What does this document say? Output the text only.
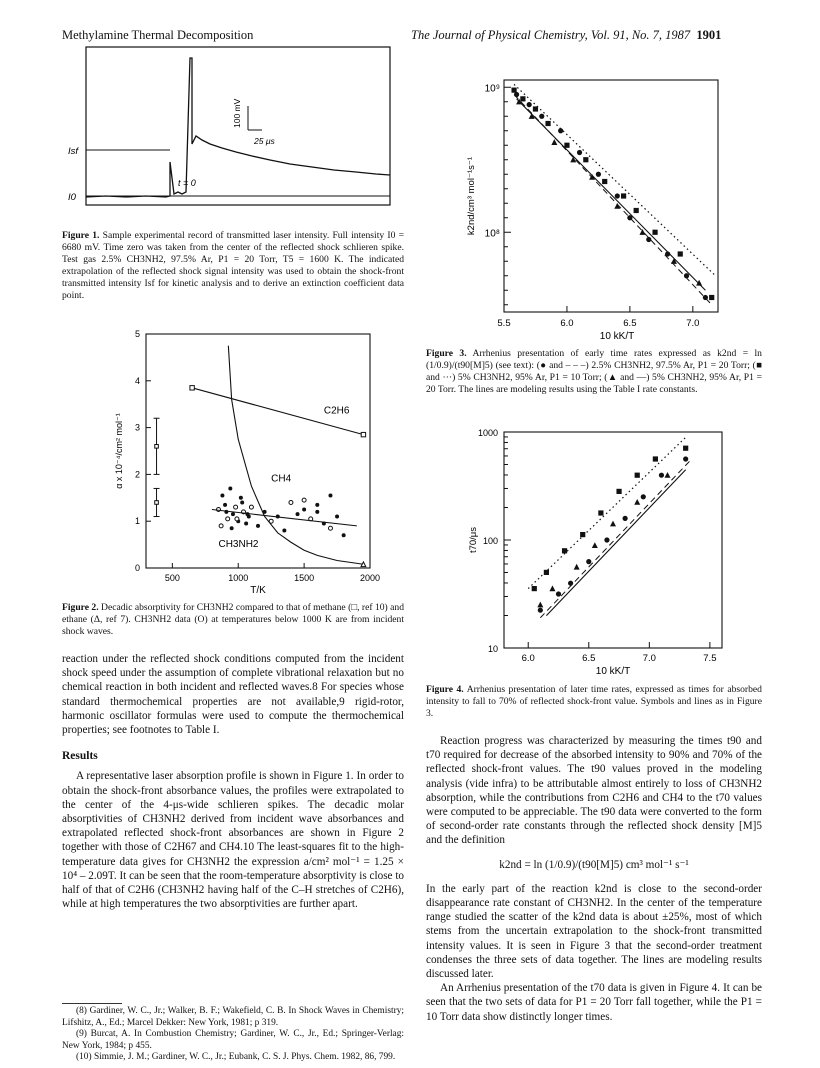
Methylamine Thermal Decomposition	The Journal of Physical Chemistry, Vol. 91, No. 7, 1987 1901
100 mV
25 μs
Isf
I0
t = 0
Figure 1. Sample experimental record of transmitted laser intensity. Full intensity I0 = 6680 mV. Time zero was taken from the center of the reflected shock schlieren spike. Test gas 2.5% CH3NH2, 97.5% Ar, P1 = 20 Torr, T5 = 1600 K. The indicated extrapolation of the reflected shock signal intensity was used to obtain the shock-front transmitted intensity Isf for kinetic analysis and to derive an extinction coefficient data point.
0
1
2
3
4
5
500	1000	1500	2000
T/K
α x 10⁻⁴/cm² mol⁻¹
C2H6
CH4
CH3NH2
Figure 2. Decadic absorptivity for CH3NH2 compared to that of methane (□, ref 10) and ethane (Δ, ref 7). CH3NH2 data (O) at temperatures below 1000 K are from incident shock waves.

reaction under the reflected shock conditions computed from the incident shock speed under the assumption of complete vibrational relaxation but no chemical reaction in both incident and reflected waves.8 For species whose standard thermochemical properties are not available,9 rigid-rotor, harmonic oscillator formulas were used to compute the thermochemical properties; see footnotes to Table I.

Results

A representative laser absorption profile is shown in Figure 1. In order to obtain the shock-front absorbance values, the profiles were extrapolated to the center of the 4-μs-wide schlieren spikes. The decadic molar absorptivities of CH3NH2 derived from incident wave absorbances and extrapolated reflected shock-front absorbances are shown in Figure 2 together with those of C2H67 and CH4.10 The least-squares fit to the high-temperature data gives for CH3NH2 the expression a/cm² mol⁻¹ = 1.25 × 10⁴ – 2.09T. It can be seen that the room-temperature absorptivity is close to half of that of C2H6 (CH3NH2 having half of the C–H stretches of C2H6), while at high temperatures the two absorptivities are further apart.

(8) Gardiner, W. C., Jr.; Walker, B. F.; Wakefield, C. B. In Shock Waves in Chemistry; Lifshitz, A., Ed.; Marcel Dekker: New York, 1981; p 319.

(9) Burcat, A. In Combustion Chemistry; Gardiner, W. C., Jr., Ed.; Springer-Verlag: New York, 1984; p 455.

(10) Simmie, J. M.; Gardiner, W. C., Jr.; Eubank, C. S. J. Phys. Chem. 1982, 86, 799.

10⁹
10⁸
5.5	6.0	6.5	7.0
10 kK/T
k2nd/cm³ mol⁻¹s⁻¹
Figure 3. Arrhenius presentation of early time rates expressed as k2nd = ln (1/0.9)/(t90[M]5) (see text): (● and – – –) 2.5% CH3NH2, 97.5% Ar, P1 = 20 Torr; (■ and ···) 5% CH3NH2, 95% Ar, P1 = 10 Torr; (▲ and —) 5% CH3NH2, 95% Ar, P1 = 20 Torr. The lines are modeling results using the Table I rate constants.
10
100
1000
6.0	6.5	7.0	7.5
10 kK/T
t70/μs
Figure 4. Arrhenius presentation of later time rates, expressed as times for absorbed intensity to fall to 70% of reflected shock-front value. Symbols and lines as in Figure 3.

Reaction progress was characterized by measuring the times t90 and t70 required for decrease of the absorbed intensity to 90% and 70% of the reflected shock-front values. The t90 values proved in the modeling analysis (vide infra) to be attributable almost entirely to loss of CH3NH2 absorption, while the contributions from C2H6 and CH4 to the t70 values were computed to be appreciable. The t90 data were converted to the form of second-order rate constants through the reflected shock density [M]5 and the definition

k2nd = ln (1/0.9)/(t90[M]5) cm³ mol⁻¹ s⁻¹

In the early part of the reaction k2nd is close to the second-order disappearance rate constant of CH3NH2. In the center of the temperature range studied the scatter of the k2nd data is about ±25%, most of which stems from the uncertain extrapolation to the shock-front transmitted intensity values. It is seen in Figure 3 that the second-order treatment condenses the three sets of data together. The lines are modeling results discussed later.

An Arrhenius presentation of the t70 data is given in Figure 4. It can be seen that the two sets of data for P1 = 20 Torr fall together, while the P1 = 10 Torr data show distinctly longer times.
